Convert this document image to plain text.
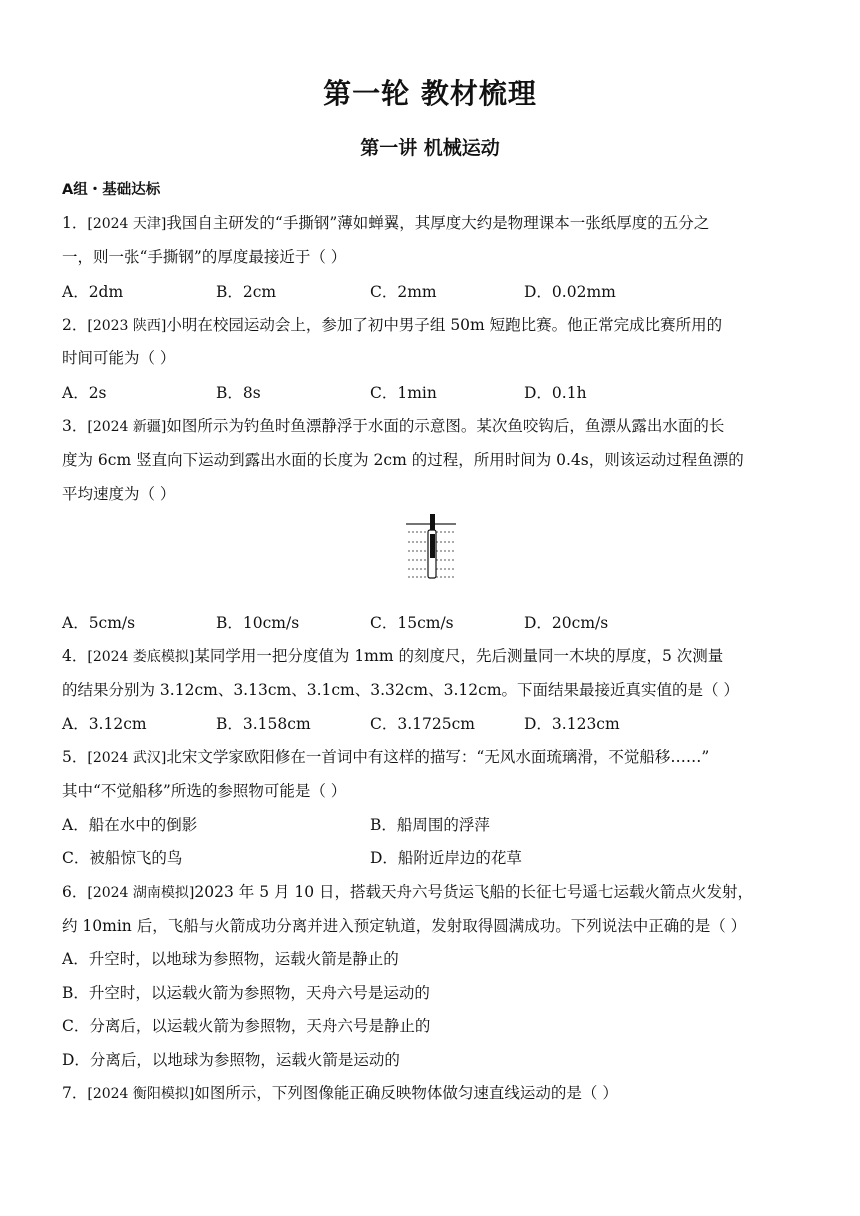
第一轮 教材梳理
第一讲 机械运动
A组・基础达标
1．[2024 天津]我国自主研发的“手撕钢”薄如蝉翼，其厚度大约是物理课本一张纸厚度的五分之
一，则一张“手撕钢”的厚度最接近于（ ）
A．2dm	B．2cm	C．2mm	D．0.02mm
2．[2023 陕西]小明在校园运动会上，参加了初中男子组 50m 短跑比赛。他正常完成比赛所用的
时间可能为（ ）
A．2s	B．8s	C．1min	D．0.1h
3．[2024 新疆]如图所示为钓鱼时鱼漂静浮于水面的示意图。某次鱼咬钩后，鱼漂从露出水面的长
度为 6cm 竖直向下运动到露出水面的长度为 2cm 的过程，所用时间为 0.4s，则该运动过程鱼漂的
平均速度为（ ）
A．5cm/s	B．10cm/s	C．15cm/s	D．20cm/s
4．[2024 娄底模拟]某同学用一把分度值为 1mm 的刻度尺，先后测量同一木块的厚度，5 次测量
的结果分别为 3.12cm、3.13cm、3.1cm、3.32cm、3.12cm。下面结果最接近真实值的是（ ）
A．3.12cm	B．3.158cm	C．3.1725cm	D．3.123cm
5．[2024 武汉]北宋文学家欧阳修在一首词中有这样的描写：“无风水面琉璃滑，不觉船移……”
其中“不觉船移”所选的参照物可能是（ ）
A．船在水中的倒影	B．船周围的浮萍
C．被船惊飞的鸟	D．船附近岸边的花草
6．[2024 湖南模拟]2023 年 5 月 10 日，搭载天舟六号货运飞船的长征七号遥七运载火箭点火发射，
约 10min 后，飞船与火箭成功分离并进入预定轨道，发射取得圆满成功。下列说法中正确的是（ ）
A．升空时，以地球为参照物，运载火箭是静止的
B．升空时，以运载火箭为参照物，天舟六号是运动的
C．分离后，以运载火箭为参照物，天舟六号是静止的
D．分离后，以地球为参照物，运载火箭是运动的
7．[2024 衡阳模拟]如图所示，下列图像能正确反映物体做匀速直线运动的是（ ）
